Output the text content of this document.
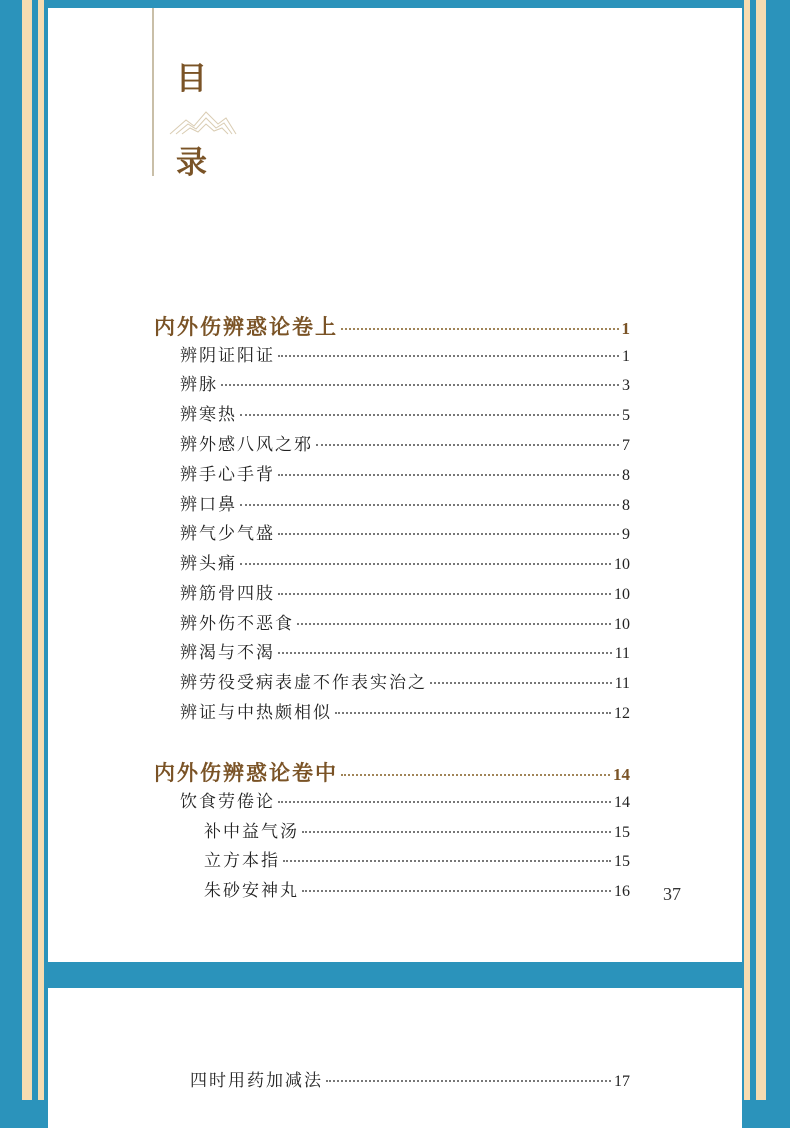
目
录
内外伤辨惑论卷上	1
辨阴证阳证	1
辨脉	3
辨寒热	5
辨外感八风之邪	7
辨手心手背	8
辨口鼻	8
辨气少气盛	9
辨头痛	10
辨筋骨四肢	10
辨外伤不恶食	10
辨渴与不渴	11
辨劳役受病表虚不作表实治之	11
辨证与中热颇相似	12
内外伤辨惑论卷中	14
饮食劳倦论	14
补中益气汤	15
立方本指	15
朱砂安神丸	16 37
四时用药加减法	17
